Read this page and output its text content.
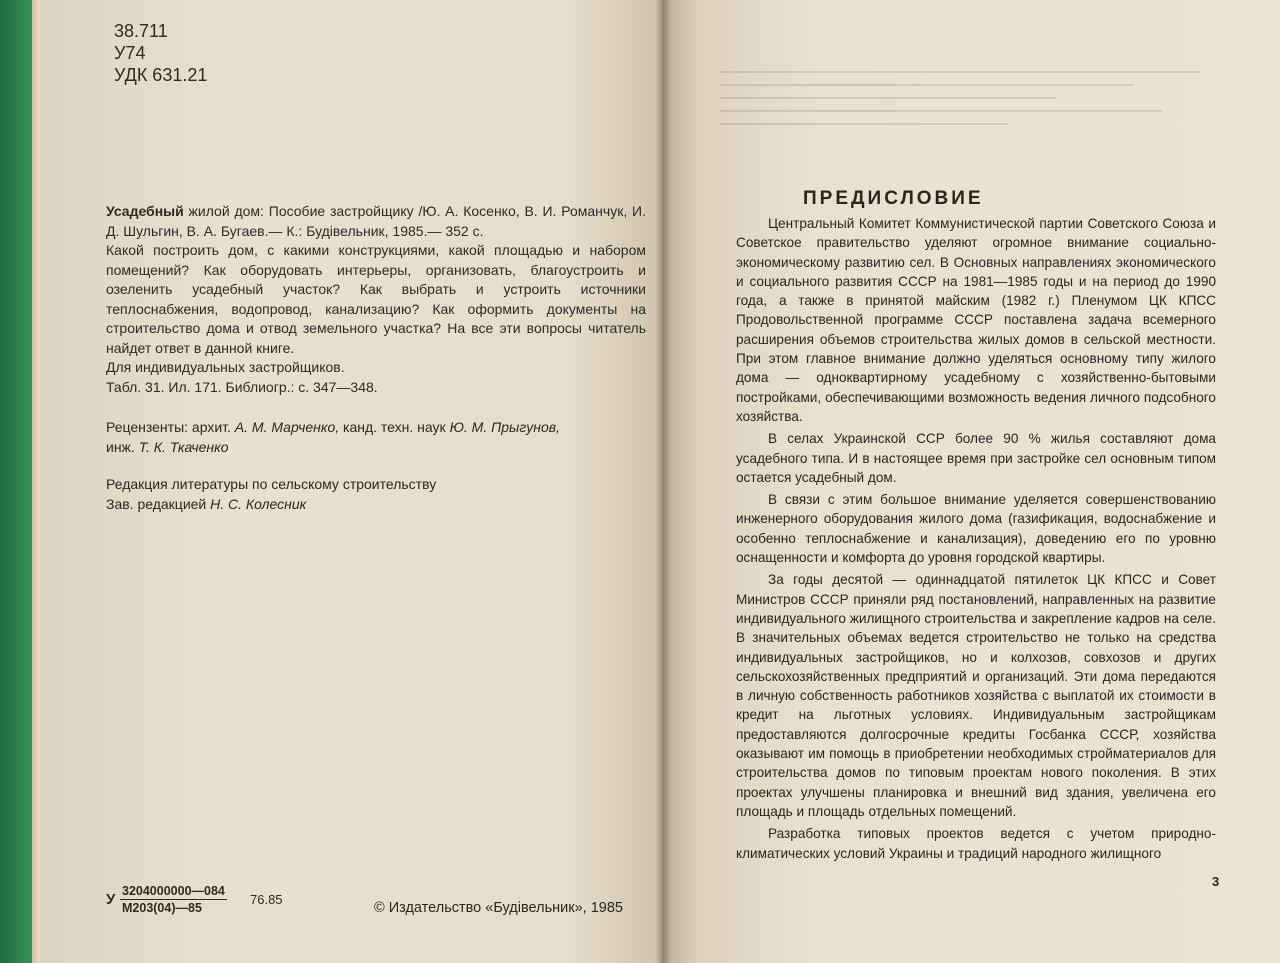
38.711
У74
УДК 631.21

Усадебный жилой дом: Пособие застройщику /Ю. А. Косенко, В. И. Романчук, И. Д. Шульгин, В. А. Бугаев.— К.: Будівельник, 1985.— 352 с.

Какой построить дом, с какими конструкциями, какой площадью и набором помещений? Как оборудовать интерьеры, организовать, благоустроить и озеленить усадебный участок? Как выбрать и устроить источники теплоснабжения, водопровод, канализацию? Как оформить документы на строительство дома и отвод земельного участка? На все эти вопросы читатель найдет ответ в данной книге.

Для индивидуальных застройщиков.

Табл. 31. Ил. 171. Библиогр.: с. 347—348.

Рецензенты: архит. А. М. Марченко, канд. техн. наук Ю. М. Прыгунов,

инж. Т. К. Ткаченко

Редакция литературы по сельскому строительству

Зав. редакцией Н. С. Колесник

У 3204000000—084
М203(04)—85
76.85
© Издательство «Будівельник», 1985
ПРЕДИСЛОВИЕ

Центральный Комитет Коммунистической партии Советского Союза и Советское правительство уделяют огромное внимание социально-экономическому развитию сел. В Основных направлениях экономического и социального развития СССР на 1981—1985 годы и на период до 1990 года, а также в принятой майским (1982 г.) Пленумом ЦК КПСС Продовольственной программе СССР поставлена задача всемерного расширения объемов строительства жилых домов в сельской местности. При этом главное внимание должно уделяться основному типу жилого дома — одноквартирному усадебному с хозяйственно-бытовыми постройками, обеспечивающими возможность ведения личного подсобного хозяйства.

В селах Украинской ССР более 90 % жилья составляют дома усадебного типа. И в настоящее время при застройке сел основным типом остается усадебный дом.

В связи с этим большое внимание уделяется совершенствованию инженерного оборудования жилого дома (газификация, водоснабжение и особенно теплоснабжение и канализация), доведению его по уровню оснащенности и комфорта до уровня городской квартиры.

За годы десятой — одиннадцатой пятилеток ЦК КПСС и Совет Министров СССР приняли ряд постановлений, направленных на развитие индивидуального жилищного строительства и закрепление кадров на селе. В значительных объемах ведется строительство не только на средства индивидуальных застройщиков, но и колхозов, совхозов и других сельскохозяйственных предприятий и организаций. Эти дома передаются в личную собственность работников хозяйства с выплатой их стоимости в кредит на льготных условиях. Индивидуальным застройщикам предоставляются долгосрочные кредиты Госбанка СССР, хозяйства оказывают им помощь в приобретении необходимых стройматериалов для строительства домов по типовым проектам нового поколения. В этих проектах улучшены планировка и внешний вид здания, увеличена его площадь и площадь отдельных помещений.

Разработка типовых проектов ведется с учетом природно-климатических условий Украины и традиций народного жилищного

3
